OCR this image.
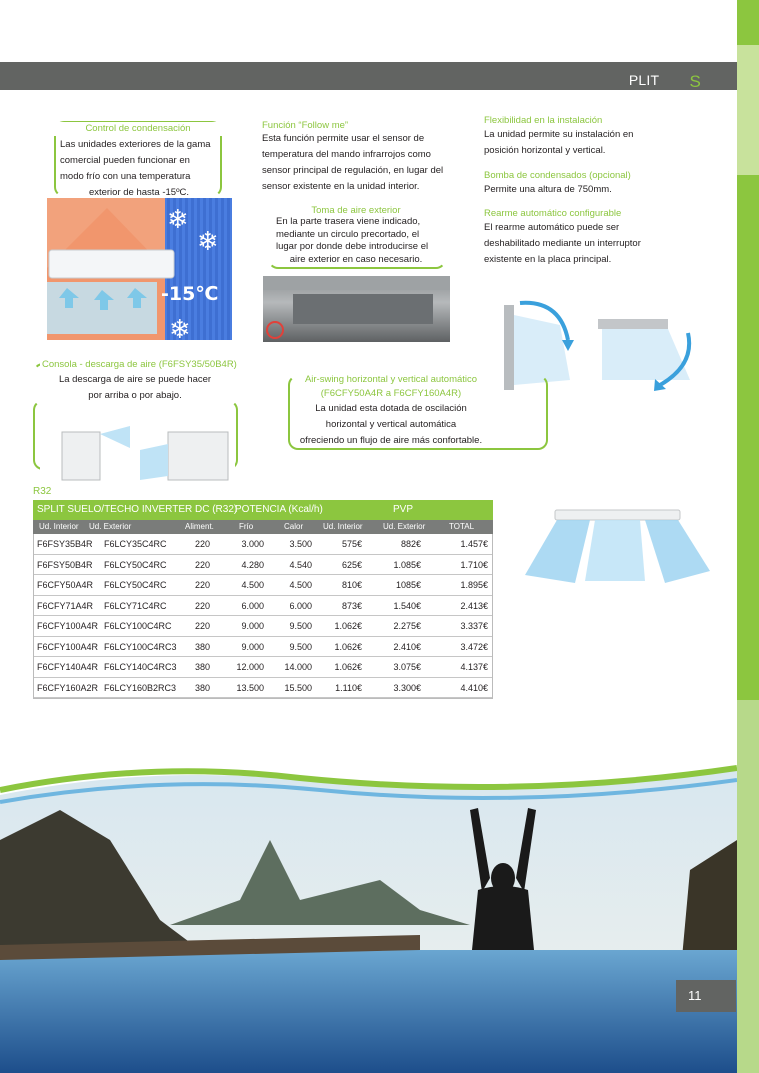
S
PLIT SUELO Y TECHO INVERTER - R32
Control de condensación
Las unidades exteriores de la gama
comercial pueden funcionar en
modo frío con una temperatura
exterior de hasta -15ºC.
❄
❄
❄
-15℃
Función “Follow me”
Esta función permite usar el sensor de
temperatura del mando infrarrojos como
sensor principal de regulación, en lugar del
sensor existente en la unidad interior.
Toma de aire exterior
En la parte trasera viene indicado,
mediante un circulo precortado, el
lugar por donde debe introducirse el
aire exterior en caso necesario.
Flexibilidad en la instalación
La unidad permite su instalación en
posición horizontal y vertical.
Bomba de condensados (opcional)
Permite una altura de 750mm.
Rearme automático configurable
El rearme automático puede ser
deshabilitado mediante un interruptor
existente en la placa principal.
Consola - descarga de aire (F6FSY35/50B4R)
La descarga de aire se puede hacer
por arriba o por abajo.
Air-swing horizontal y vertical automático
(F6CFY50A4R a F6CFY160A4R)
La unidad esta dotada de oscilación
horizontal y vertical automática
ofreciendo un flujo de aire más confortable.
R32
SPLIT SUELO/TECHO INVERTER DC (R32)
POTENCIA (Kcal/h)	PVP
Ud. Interior Ud. Exterior	Aliment.	Frío	Calor Ud. Interior	Ud. Exterior	TOTAL
F6FSY35B4R F6LCY35C4RC	220	3.000	3.500	575€	882€	1.457€
F6FSY50B4R F6LCY50C4RC	220	4.280	4.540	625€	1.085€	1.710€
F6CFY50A4R F6LCY50C4RC	220	4.500	4.500	810€	1085€	1.895€
F6CFY71A4R F6LCY71C4RC	220	6.000	6.000	873€	1.540€	2.413€
F6CFY100A4R F6LCY100C4RC	220	9.000	9.500	1.062€	2.275€	3.337€
F6CFY100A4R F6LCY100C4RC3	380	9.000	9.500	1.062€	2.410€	3.472€
F6CFY140A4R F6LCY140C4RC3	380	12.000	14.000	1.062€	3.075€	4.137€
F6CFY160A2R F6LCY160B2RC3	380	13.500	15.500	1.110€	3.300€	4.410€
11
